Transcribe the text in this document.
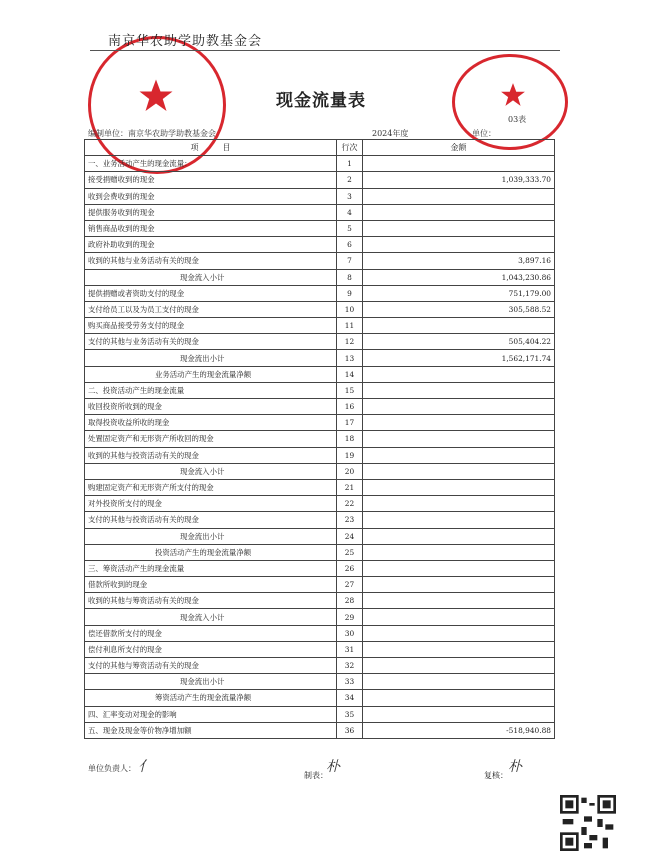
南京华农助学助教基金会
现金流量表
03表
编制单位：南京华农助学助教基金会	2024年度	单位：
项　　　目	行次	金额
一、业务活动产生的现金流量：	1	
接受捐赠收到的现金	2	1,039,333.70
收到会费收到的现金	3	
提供服务收到的现金	4	
销售商品收到的现金	5	
政府补助收到的现金	6	
收到的其他与业务活动有关的现金	7	3,897.16
现金流入小计	8	1,043,230.86
提供捐赠或者资助支付的现金	9	751,179.00
支付给员工以及为员工支付的现金	10	305,588.52
购买商品接受劳务支付的现金	11	
支付的其他与业务活动有关的现金	12	505,404.22
现金流出小计	13	1,562,171.74
业务活动产生的现金流量净额	14	
二、投资活动产生的现金流量	15	
收回投资所收到的现金	16	
取得投资收益所收的现金	17	
处置固定资产和无形资产所收回的现金	18	
收到的其他与投资活动有关的现金	19	
现金流入小计	20	
购建固定资产和无形资产所支付的现金	21	
对外投资所支付的现金	22	
支付的其他与投资活动有关的现金	23	
现金流出小计	24	
投资活动产生的现金流量净额	25	
三、筹资活动产生的现金流量	26	
借款所收到的现金	27	
收到的其他与筹资活动有关的现金	28	
现金流入小计	29	
偿还借款所支付的现金	30	
偿付利息所支付的现金	31	
支付的其他与筹资活动有关的现金	32	
现金流出小计	33	
筹资活动产生的现金流量净额	34	
四、汇率变动对现金的影响	35	
五、现金及现金等价物净增加额	36	-518,940.88
单位负责人： 亻
制表：
朴
复核：
朴
